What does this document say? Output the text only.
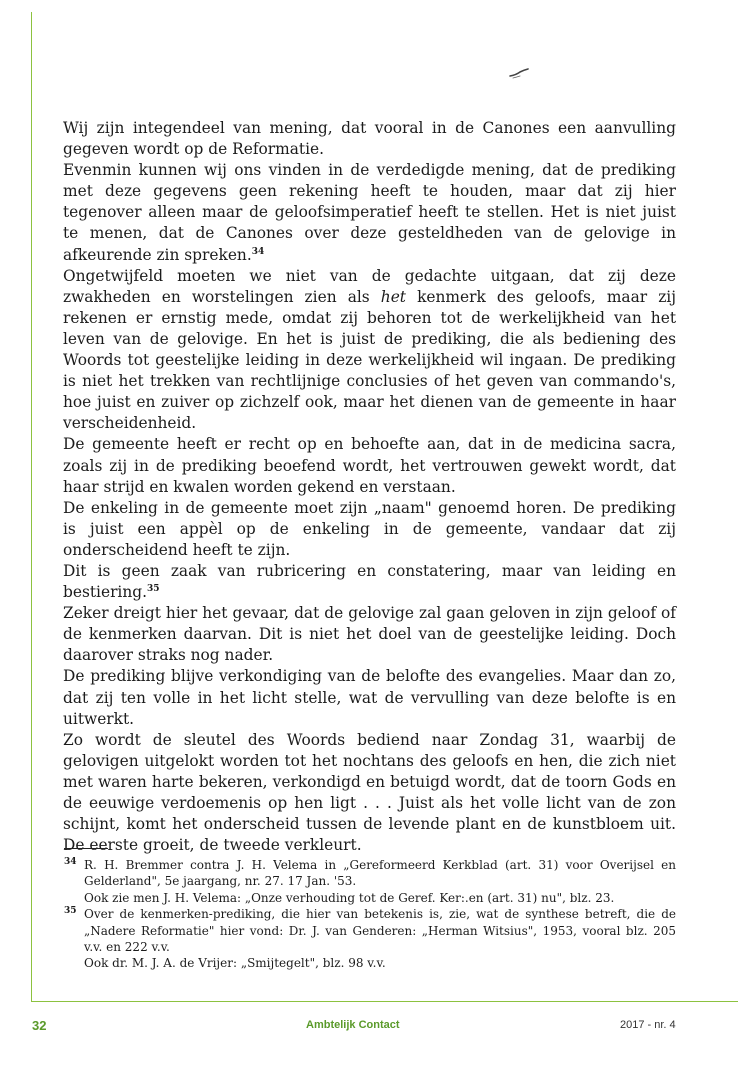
Wij zijn integendeel van mening, dat vooral in de Canones een aanvulling gegeven wordt op de Reformatie.

Evenmin kunnen wij ons vinden in de verdedigde mening, dat de prediking met deze gegevens geen rekening heeft te houden, maar dat zij hier tegenover alleen maar de geloofsimperatief heeft te stellen. Het is niet juist te menen, dat de Canones over deze gesteldheden van de gelovige in afkeurende zin spreken.$^{34}$

Ongetwijfeld moeten we niet van de gedachte uitgaan, dat zij deze zwakheden en worstelingen zien als het kenmerk des geloofs, maar zij rekenen er ernstig mede, omdat zij behoren tot de werkelijkheid van het leven van de gelovige. En het is juist de prediking, die als bediening des Woords tot geestelijke leiding in deze werkelijkheid wil ingaan. De prediking is niet het trekken van rechtlijnige conclusies of het geven van commando's, hoe juist en zuiver op zichzelf ook, maar het dienen van de gemeente in haar verscheidenheid.

De gemeente heeft er recht op en behoefte aan, dat in de medicina sacra, zoals zij in de prediking beoefend wordt, het vertrouwen gewekt wordt, dat haar strijd en kwalen worden gekend en verstaan.

De enkeling in de gemeente moet zijn „naam" genoemd horen. De prediking is juist een appèl op de enkeling in de gemeente, vandaar dat zij onderscheidend heeft te zijn.

Dit is geen zaak van rubricering en constatering, maar van leiding en bestiering.$^{35}$

Zeker dreigt hier het gevaar, dat de gelovige zal gaan geloven in zijn geloof of de kenmerken daarvan. Dit is niet het doel van de geestelijke leiding. Doch daarover straks nog nader.

De prediking blijve verkondiging van de belofte des evangelies. Maar dan zo, dat zij ten volle in het licht stelle, wat de vervulling van deze belofte is en uitwerkt.

Zo wordt de sleutel des Woords bediend naar Zondag 31, waarbij de gelovigen uitgelokt worden tot het nochtans des geloofs en hen, die zich niet met waren harte bekeren, verkondigd en betuigd wordt, dat de toorn Gods en de eeuwige verdoemenis op hen ligt . . . Juist als het volle licht van de zon schijnt, komt het onderscheid tussen de levende plant en de kunstbloem uit. De eerste groeit, de tweede verkleurt.

34 R. H. Bremmer contra J. H. Velema in „Gereformeerd Kerkblad (art. 31) voor Overijsel en Gelderland", 5e jaargang, nr. 27. 17 Jan. '53.
Ook zie men J. H. Velema: „Onze verhouding tot de Geref. Ker:.en (art. 31) nu", blz. 23.
35 Over de kenmerken-prediking, die hier van betekenis is, zie, wat de synthese betreft, die de „Nadere Reformatie" hier vond: Dr. J. van Genderen: „Herman Witsius", 1953, vooral blz. 205 v.v. en 222 v.v.
Ook dr. M. J. A. de Vrijer: „Smijtegelt", blz. 98 v.v.
32	Ambtelijk Contact	2017 - nr. 4
